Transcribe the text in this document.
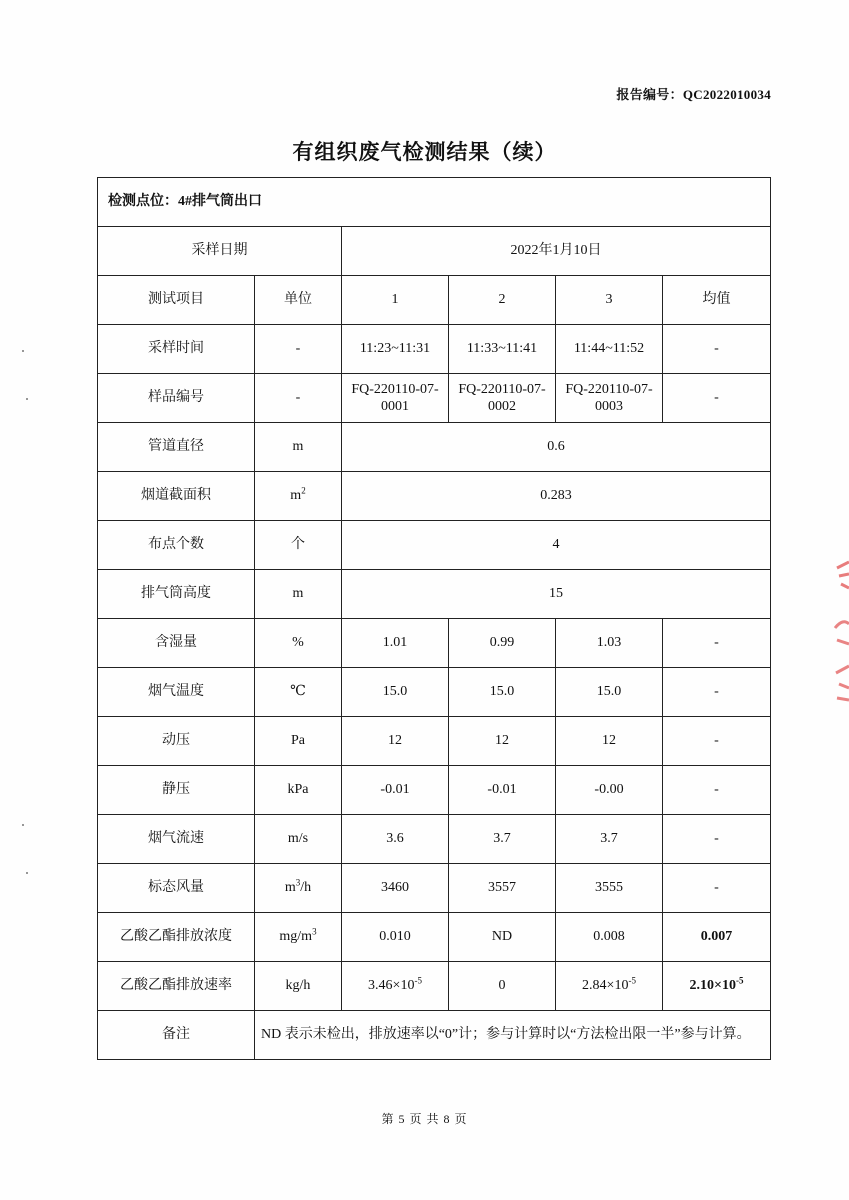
报告编号：QC2022010034
有组织废气检测结果（续）
检测点位：4#排气筒出口					
采样日期		2022年1月10日			
测试项目	单位	1	2	3	均值
采样时间	-	11:23~11:31	11:33~11:41	11:44~11:52	-
样品编号	-	FQ-220110-07-0001	FQ-220110-07-0002	FQ-220110-07-0003	-
管道直径	m	0.6			
烟道截面积	$m^2$	0.283			
布点个数	个	4			
排气筒高度	m	15			
含湿量	%	1.01	0.99	1.03	-
烟气温度	℃	15.0	15.0	15.0	-
动压	Pa	12	12	12	-
静压	kPa	-0.01	-0.01	-0.00	-
烟气流速	m/s	3.6	3.7	3.7	-
标态风量	$m^3/h$	3460	3557	3555	-
乙酸乙酯排放浓度	$mg/m^3$	0.010	ND	0.008	0.007
乙酸乙酯排放速率	kg/h	$3.46\times 10^{-5}$	0	$2.84\times 10^{-5}$	$2.10\times 10^{-5}$
备注	ND 表示未检出，排放速率以“0”计；参与计算时以“方法检出限一半”参与计算。				
第 5 页 共 8 页
